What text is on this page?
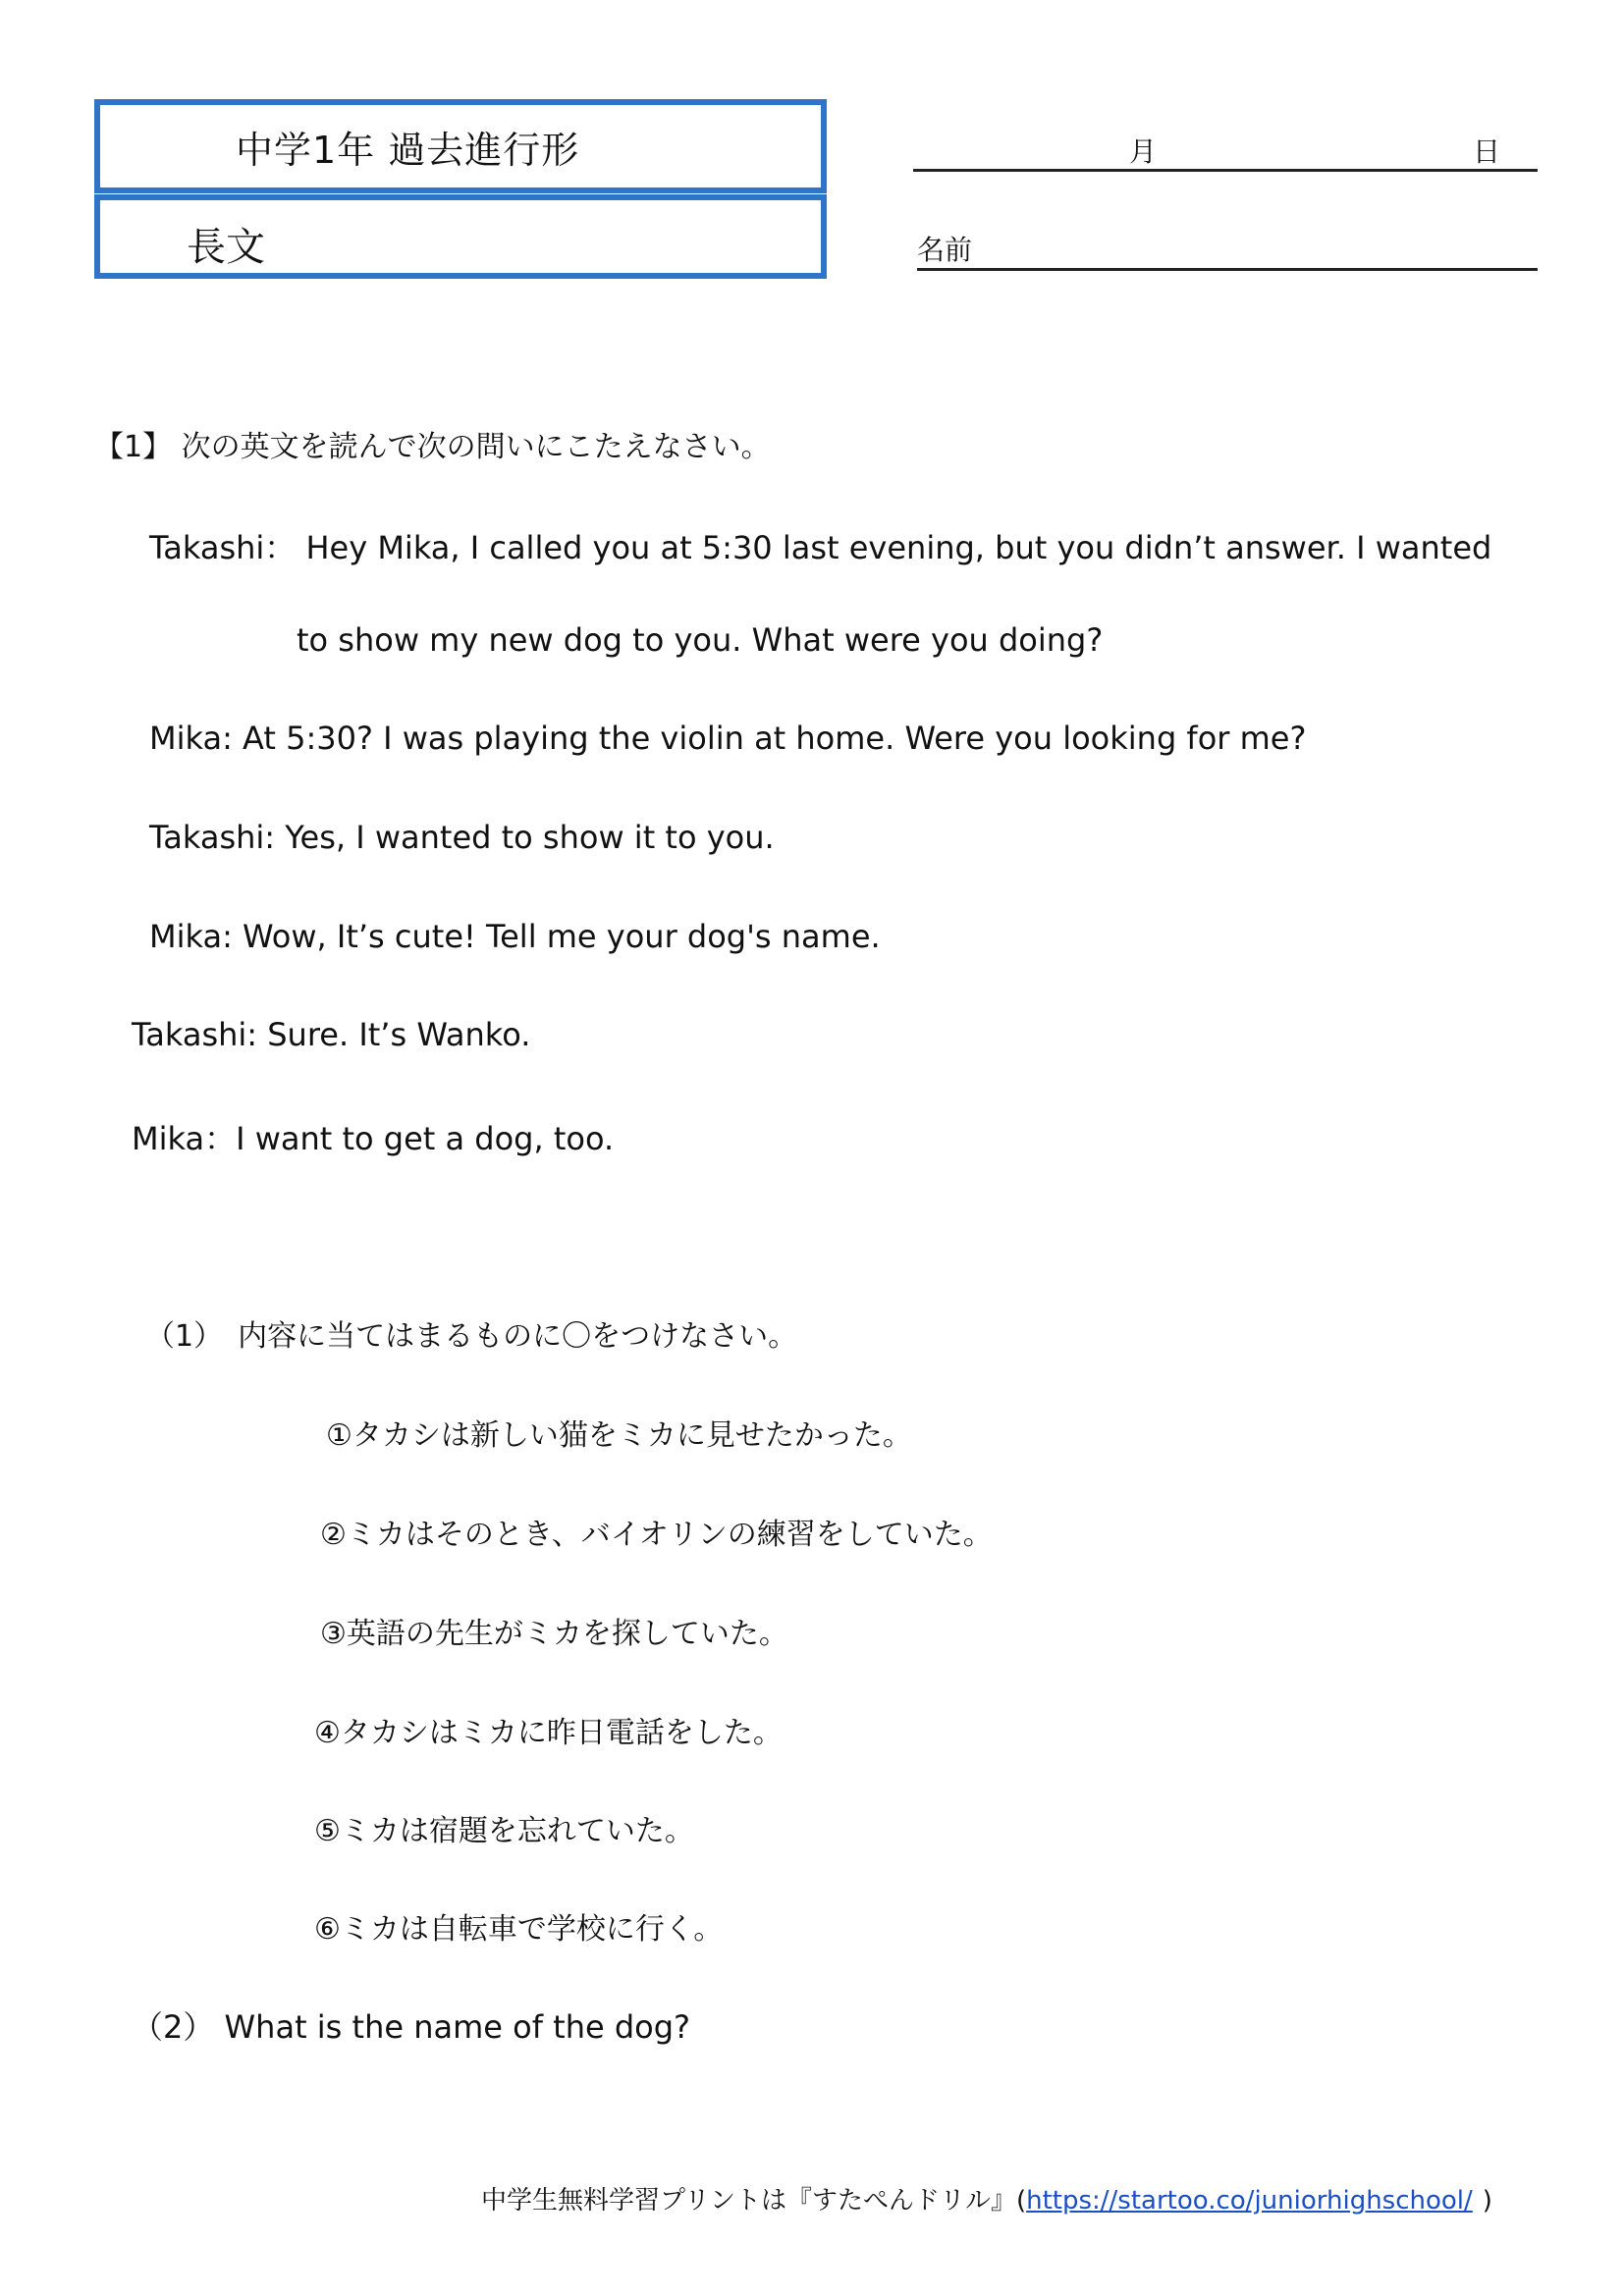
中学1年 過去進行形
長文
月	日
名前
【1】 次の英文を読んで次の問いにこたえなさい。
Takashi： Hey Mika, I called you at 5:30 last evening, but you didn’t answer. I wanted
to show my new dog to you. What were you doing?
Mika: At 5:30? I was playing the violin at home. Were you looking for me?
Takashi: Yes, I wanted to show it to you.
Mika: Wow, It’s cute! Tell me your dog's name.
Takashi: Sure. It’s Wanko.
Mika：I want to get a dog, too.
（1）　内容に当てはまるものに〇をつけなさい。
①タカシは新しい猫をミカに見せたかった。
②ミカはそのとき、バイオリンの練習をしていた。
③英語の先生がミカを探していた。
④タカシはミカに昨日電話をした。
⑤ミカは宿題を忘れていた。
⑥ミカは自転車で学校に行く。
（2） What is the name of the dog?
中学生無料学習プリントは『すたぺんドリル』(https://startoo.co/juniorhighschool/ )
